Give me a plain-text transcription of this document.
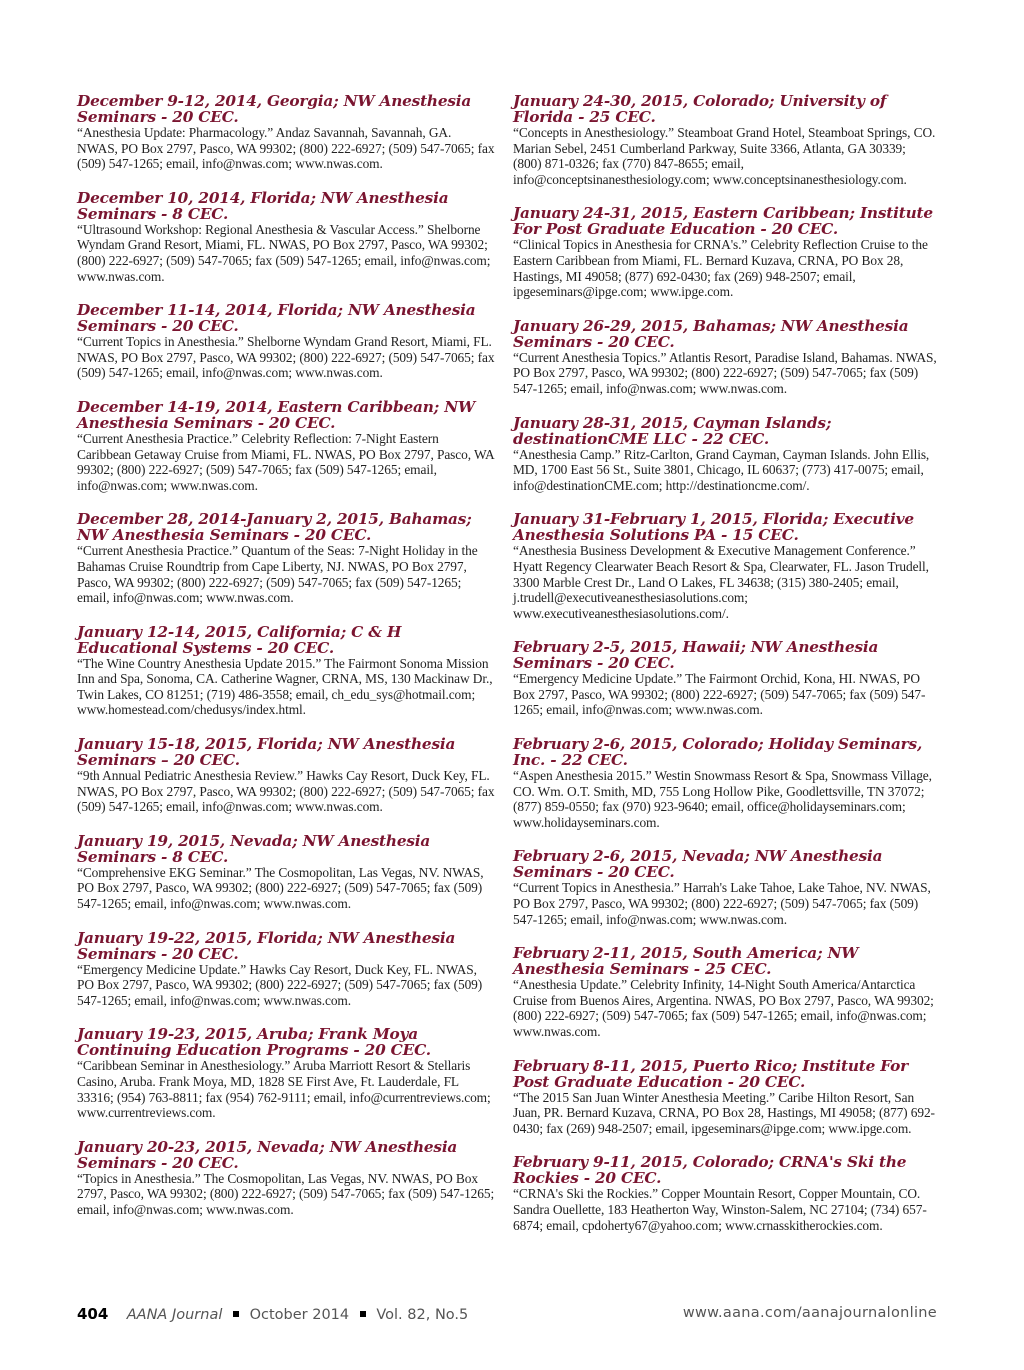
December 9-12, 2014, Georgia; NW Anesthesia Seminars - 20 CEC.
“Anesthesia Update: Pharmacology.” Andaz Savannah, Savannah, GA. NWAS, PO Box 2797, Pasco, WA 99302; (800) 222-6927; (509) 547-7065; fax (509) 547-1265; email, info@nwas.com; www.nwas.com.
December 10, 2014, Florida; NW Anesthesia Seminars - 8 CEC.
“Ultrasound Workshop: Regional Anesthesia & Vascular Access.” Shelborne Wyndam Grand Resort, Miami, FL. NWAS, PO Box 2797, Pasco, WA 99302; (800) 222-6927; (509) 547-7065; fax (509) 547-1265; email, info@nwas.com; www.nwas.com.
December 11-14, 2014, Florida; NW Anesthesia Seminars - 20 CEC.
“Current Topics in Anesthesia.” Shelborne Wyndam Grand Resort, Miami, FL. NWAS, PO Box 2797, Pasco, WA 99302; (800) 222-6927; (509) 547-7065; fax (509) 547-1265; email, info@nwas.com; www.nwas.com.
December 14-19, 2014, Eastern Caribbean; NW Anesthesia Seminars - 20 CEC.
“Current Anesthesia Practice.” Celebrity Reflection: 7-Night Eastern Caribbean Getaway Cruise from Miami, FL. NWAS, PO Box 2797, Pasco, WA 99302; (800) 222-6927; (509) 547-7065; fax (509) 547-1265; email, info@nwas.com; www.nwas.com.
December 28, 2014-January 2, 2015, Bahamas; NW Anesthesia Seminars - 20 CEC.
“Current Anesthesia Practice.” Quantum of the Seas: 7-Night Holiday in the Bahamas Cruise Roundtrip from Cape Liberty, NJ. NWAS, PO Box 2797, Pasco, WA 99302; (800) 222-6927; (509) 547-7065; fax (509) 547-1265; email, info@nwas.com; www.nwas.com.
January 12-14, 2015, California; C & H Educational Systems - 20 CEC.
“The Wine Country Anesthesia Update 2015.” The Fairmont Sonoma Mission Inn and Spa, Sonoma, CA. Catherine Wagner, CRNA, MS, 130 Mackinaw Dr., Twin Lakes, CO 81251; (719) 486-3558; email, ch_edu_sys@hotmail.com; www.homestead.com/chedusys/index.html.
January 15-18, 2015, Florida; NW Anesthesia Seminars – 20 CEC.
“9th Annual Pediatric Anesthesia Review.” Hawks Cay Resort, Duck Key, FL. NWAS, PO Box 2797, Pasco, WA 99302; (800) 222-6927; (509) 547-7065; fax (509) 547-1265; email, info@nwas.com; www.nwas.com.
January 19, 2015, Nevada; NW Anesthesia Seminars - 8 CEC.
“Comprehensive EKG Seminar.” The Cosmopolitan, Las Vegas, NV. NWAS, PO Box 2797, Pasco, WA 99302; (800) 222-6927; (509) 547-7065; fax (509) 547-1265; email, info@nwas.com; www.nwas.com.
January 19-22, 2015, Florida; NW Anesthesia Seminars - 20 CEC.
“Emergency Medicine Update.” Hawks Cay Resort, Duck Key, FL. NWAS, PO Box 2797, Pasco, WA 99302; (800) 222-6927; (509) 547-7065; fax (509) 547-1265; email, info@nwas.com; www.nwas.com.
January 19-23, 2015, Aruba; Frank Moya Continuing Education Programs - 20 CEC.
“Caribbean Seminar in Anesthesiology.” Aruba Marriott Resort & Stellaris Casino, Aruba. Frank Moya, MD, 1828 SE First Ave, Ft. Lauderdale, FL 33316; (954) 763-8811; fax (954) 762-9111; email, info@currentreviews.com; www.currentreviews.com.
January 20-23, 2015, Nevada; NW Anesthesia Seminars - 20 CEC.
“Topics in Anesthesia.” The Cosmopolitan, Las Vegas, NV. NWAS, PO Box 2797, Pasco, WA 99302; (800) 222-6927; (509) 547-7065; fax (509) 547-1265; email, info@nwas.com; www.nwas.com.
January 24-30, 2015, Colorado; University of Florida - 25 CEC.
“Concepts in Anesthesiology.” Steamboat Grand Hotel, Steamboat Springs, CO. Marian Sebel, 2451 Cumberland Parkway, Suite 3366, Atlanta, GA 30339; (800) 871-0326; fax (770) 847-8655; email, info@conceptsinanesthesiology.com; www.conceptsinanesthesiology.com.
January 24-31, 2015, Eastern Caribbean; Institute For Post Graduate Education - 20 CEC.
“Clinical Topics in Anesthesia for CRNA's.” Celebrity Reflection Cruise to the Eastern Caribbean from Miami, FL. Bernard Kuzava, CRNA, PO Box 28, Hastings, MI 49058; (877) 692-0430; fax (269) 948-2507; email, ipgeseminars@ipge.com; www.ipge.com.
January 26-29, 2015, Bahamas; NW Anesthesia Seminars - 20 CEC.
“Current Anesthesia Topics.” Atlantis Resort, Paradise Island, Bahamas. NWAS, PO Box 2797, Pasco, WA 99302; (800) 222-6927; (509) 547-7065; fax (509) 547-1265; email, info@nwas.com; www.nwas.com.
January 28-31, 2015, Cayman Islands; destinationCME LLC - 22 CEC.
“Anesthesia Camp.” Ritz-Carlton, Grand Cayman, Cayman Islands. John Ellis, MD, 1700 East 56 St., Suite 3801, Chicago, IL 60637; (773) 417-0075; email, info@destinationCME.com; http://destinationcme.com/.
January 31-February 1, 2015, Florida; Executive Anesthesia Solutions PA - 15 CEC.
“Anesthesia Business Development & Executive Management Conference.” Hyatt Regency Clearwater Beach Resort & Spa, Clearwater, FL. Jason Trudell, 3300 Marble Crest Dr., Land O Lakes, FL 34638; (315) 380-2405; email, j.trudell@executiveanesthesiasolutions.com; www.executiveanesthesiasolutions.com/.
February 2-5, 2015, Hawaii; NW Anesthesia Seminars - 20 CEC.
“Emergency Medicine Update.” The Fairmont Orchid, Kona, HI. NWAS, PO Box 2797, Pasco, WA 99302; (800) 222-6927; (509) 547-7065; fax (509) 547-1265; email, info@nwas.com; www.nwas.com.
February 2-6, 2015, Colorado; Holiday Seminars, Inc. - 22 CEC.
“Aspen Anesthesia 2015.” Westin Snowmass Resort & Spa, Snowmass Village, CO. Wm. O.T. Smith, MD, 755 Long Hollow Pike, Goodlettsville, TN 37072; (877) 859-0550; fax (970) 923-9640; email, office@holidayseminars.com; www.holidayseminars.com.
February 2-6, 2015, Nevada; NW Anesthesia Seminars - 20 CEC.
“Current Topics in Anesthesia.” Harrah's Lake Tahoe, Lake Tahoe, NV. NWAS, PO Box 2797, Pasco, WA 99302; (800) 222-6927; (509) 547-7065; fax (509) 547-1265; email, info@nwas.com; www.nwas.com.
February 2-11, 2015, South America; NW Anesthesia Seminars - 25 CEC.
“Anesthesia Update.” Celebrity Infinity, 14-Night South America/Antarctica Cruise from Buenos Aires, Argentina. NWAS, PO Box 2797, Pasco, WA 99302; (800) 222-6927; (509) 547-7065; fax (509) 547-1265; email, info@nwas.com; www.nwas.com.
February 8-11, 2015, Puerto Rico; Institute For Post Graduate Education - 20 CEC.
“The 2015 San Juan Winter Anesthesia Meeting.” Caribe Hilton Resort, San Juan, PR. Bernard Kuzava, CRNA, PO Box 28, Hastings, MI 49058; (877) 692-0430; fax (269) 948-2507; email, ipgeseminars@ipge.com; www.ipge.com.
February 9-11, 2015, Colorado; CRNA's Ski the Rockies - 20 CEC.
“CRNA's Ski the Rockies.” Copper Mountain Resort, Copper Mountain, CO. Sandra Ouellette, 183 Heatherton Way, Winston-Salem, NC 27104; (734) 657-6874; email, cpdoherty67@yahoo.com; www.crnasskitherockies.com.
404 AANA Journal October 2014 Vol. 82, No.5	www.aana.com/aanajournalonline
